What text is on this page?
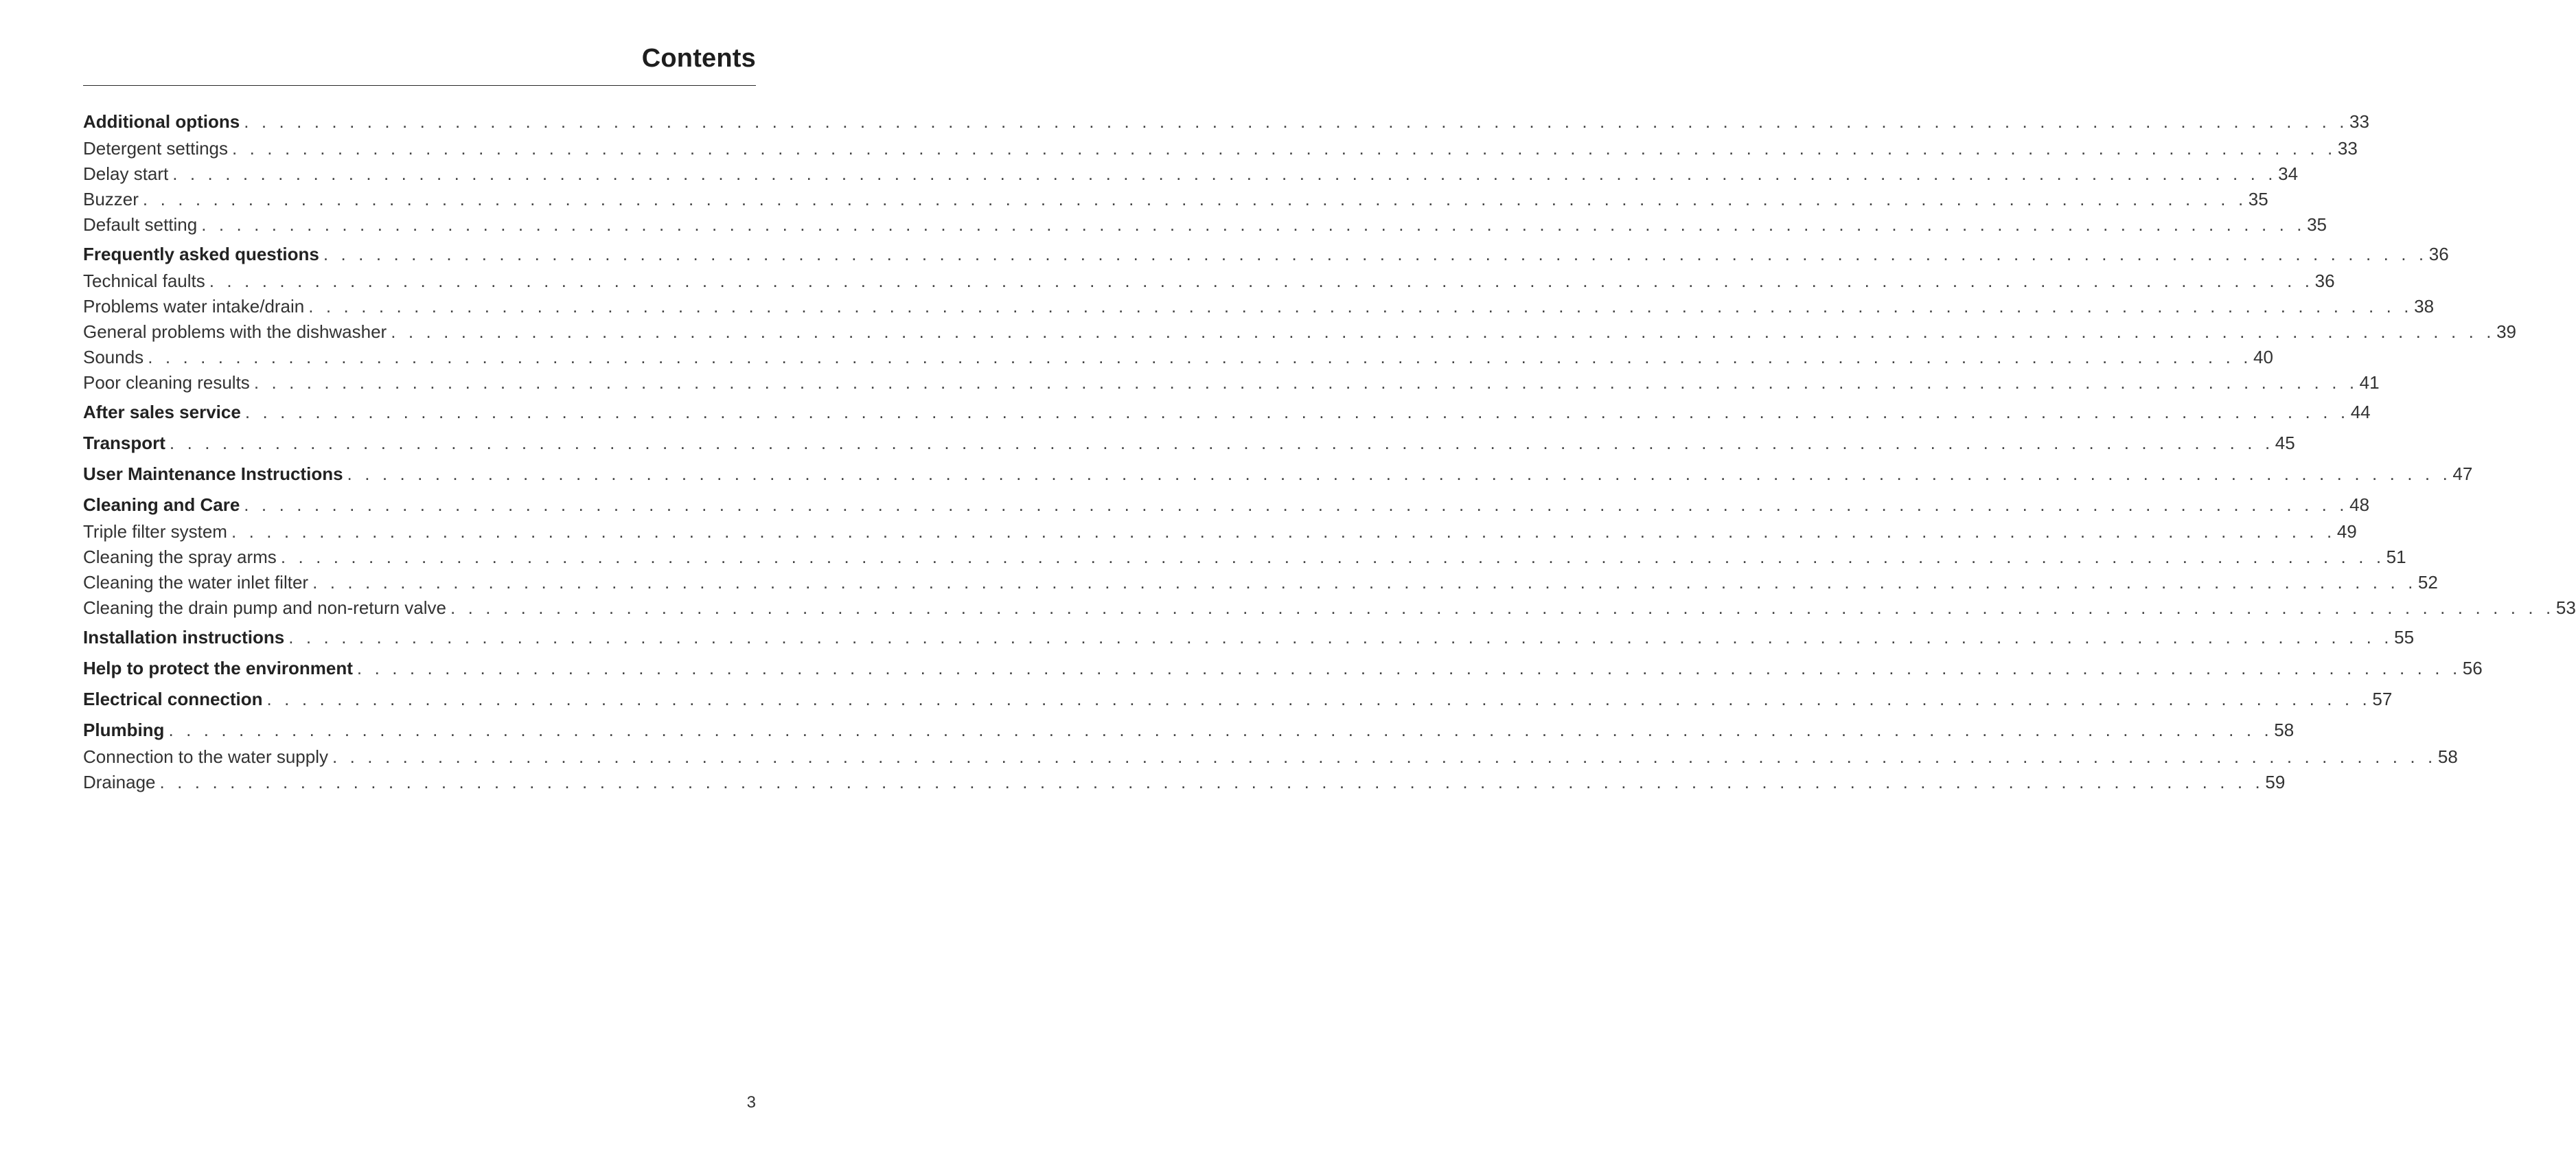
Contents
Additional options . . . . . . . . . . . . . . . . . . . . . . . . . . . . . . . . . . . . . . . . . . . . . . . . . . . . . . . . . . . . . . . . . . . . . . . . . . . . . . . . . . . . . . . . . . . . . . . . . . . . . . . . . . . . . . . . . . . . . . . . 33
Detergent settings . . . . . . . . . . . . . . . . . . . . . . . . . . . . . . . . . . . . . . . . . . . . . . . . . . . . . . . . . . . . . . . . . . . . . . . . . . . . . . . . . . . . . . . . . . . . . . . . . . . . . . . . . . . . . . . . . . . . . . . . 33
Delay start . . . . . . . . . . . . . . . . . . . . . . . . . . . . . . . . . . . . . . . . . . . . . . . . . . . . . . . . . . . . . . . . . . . . . . . . . . . . . . . . . . . . . . . . . . . . . . . . . . . . . . . . . . . . . . . . . . . . . . . . 34
Buzzer . . . . . . . . . . . . . . . . . . . . . . . . . . . . . . . . . . . . . . . . . . . . . . . . . . . . . . . . . . . . . . . . . . . . . . . . . . . . . . . . . . . . . . . . . . . . . . . . . . . . . . . . . . . . . . . . . . . . . . . . 35
Default setting . . . . . . . . . . . . . . . . . . . . . . . . . . . . . . . . . . . . . . . . . . . . . . . . . . . . . . . . . . . . . . . . . . . . . . . . . . . . . . . . . . . . . . . . . . . . . . . . . . . . . . . . . . . . . . . . . . . . . . . . 35
Frequently asked questions . . . . . . . . . . . . . . . . . . . . . . . . . . . . . . . . . . . . . . . . . . . . . . . . . . . . . . . . . . . . . . . . . . . . . . . . . . . . . . . . . . . . . . . . . . . . . . . . . . . . . . . . . . . . . . . . . . . . . . . . 36
Technical faults . . . . . . . . . . . . . . . . . . . . . . . . . . . . . . . . . . . . . . . . . . . . . . . . . . . . . . . . . . . . . . . . . . . . . . . . . . . . . . . . . . . . . . . . . . . . . . . . . . . . . . . . . . . . . . . . . . . . . . . . 36
Problems water intake/drain . . . . . . . . . . . . . . . . . . . . . . . . . . . . . . . . . . . . . . . . . . . . . . . . . . . . . . . . . . . . . . . . . . . . . . . . . . . . . . . . . . . . . . . . . . . . . . . . . . . . . . . . . . . . . . . . . . . . . . . . 38
General problems with the dishwasher . . . . . . . . . . . . . . . . . . . . . . . . . . . . . . . . . . . . . . . . . . . . . . . . . . . . . . . . . . . . . . . . . . . . . . . . . . . . . . . . . . . . . . . . . . . . . . . . . . . . . . . . . . . . . . . . . . . . . . . . 39
Sounds . . . . . . . . . . . . . . . . . . . . . . . . . . . . . . . . . . . . . . . . . . . . . . . . . . . . . . . . . . . . . . . . . . . . . . . . . . . . . . . . . . . . . . . . . . . . . . . . . . . . . . . . . . . . . . . . . . . . . . . . 40
Poor cleaning results . . . . . . . . . . . . . . . . . . . . . . . . . . . . . . . . . . . . . . . . . . . . . . . . . . . . . . . . . . . . . . . . . . . . . . . . . . . . . . . . . . . . . . . . . . . . . . . . . . . . . . . . . . . . . . . . . . . . . . . . 41
After sales service . . . . . . . . . . . . . . . . . . . . . . . . . . . . . . . . . . . . . . . . . . . . . . . . . . . . . . . . . . . . . . . . . . . . . . . . . . . . . . . . . . . . . . . . . . . . . . . . . . . . . . . . . . . . . . . . . . . . . . . . 44
Transport . . . . . . . . . . . . . . . . . . . . . . . . . . . . . . . . . . . . . . . . . . . . . . . . . . . . . . . . . . . . . . . . . . . . . . . . . . . . . . . . . . . . . . . . . . . . . . . . . . . . . . . . . . . . . . . . . . . . . . . . 45
User Maintenance Instructions . . . . . . . . . . . . . . . . . . . . . . . . . . . . . . . . . . . . . . . . . . . . . . . . . . . . . . . . . . . . . . . . . . . . . . . . . . . . . . . . . . . . . . . . . . . . . . . . . . . . . . . . . . . . . . . . . . . . . . . . 47
Cleaning and Care . . . . . . . . . . . . . . . . . . . . . . . . . . . . . . . . . . . . . . . . . . . . . . . . . . . . . . . . . . . . . . . . . . . . . . . . . . . . . . . . . . . . . . . . . . . . . . . . . . . . . . . . . . . . . . . . . . . . . . . . 48
Triple filter system . . . . . . . . . . . . . . . . . . . . . . . . . . . . . . . . . . . . . . . . . . . . . . . . . . . . . . . . . . . . . . . . . . . . . . . . . . . . . . . . . . . . . . . . . . . . . . . . . . . . . . . . . . . . . . . . . . . . . . . . 49
Cleaning the spray arms . . . . . . . . . . . . . . . . . . . . . . . . . . . . . . . . . . . . . . . . . . . . . . . . . . . . . . . . . . . . . . . . . . . . . . . . . . . . . . . . . . . . . . . . . . . . . . . . . . . . . . . . . . . . . . . . . . . . . . . . 51
Cleaning the water inlet filter . . . . . . . . . . . . . . . . . . . . . . . . . . . . . . . . . . . . . . . . . . . . . . . . . . . . . . . . . . . . . . . . . . . . . . . . . . . . . . . . . . . . . . . . . . . . . . . . . . . . . . . . . . . . . . . . . . . . . . . . 52
Cleaning the drain pump and non-return valve . . . . . . . . . . . . . . . . . . . . . . . . . . . . . . . . . . . . . . . . . . . . . . . . . . . . . . . . . . . . . . . . . . . . . . . . . . . . . . . . . . . . . . . . . . . . . . . . . . . . . . . . . . . . . . . . . . . . . . . . 53
Installation instructions . . . . . . . . . . . . . . . . . . . . . . . . . . . . . . . . . . . . . . . . . . . . . . . . . . . . . . . . . . . . . . . . . . . . . . . . . . . . . . . . . . . . . . . . . . . . . . . . . . . . . . . . . . . . . . . . . . . . . . . . 55
Help to protect the environment . . . . . . . . . . . . . . . . . . . . . . . . . . . . . . . . . . . . . . . . . . . . . . . . . . . . . . . . . . . . . . . . . . . . . . . . . . . . . . . . . . . . . . . . . . . . . . . . . . . . . . . . . . . . . . . . . . . . . . . . 56
Electrical connection . . . . . . . . . . . . . . . . . . . . . . . . . . . . . . . . . . . . . . . . . . . . . . . . . . . . . . . . . . . . . . . . . . . . . . . . . . . . . . . . . . . . . . . . . . . . . . . . . . . . . . . . . . . . . . . . . . . . . . . . 57
Plumbing . . . . . . . . . . . . . . . . . . . . . . . . . . . . . . . . . . . . . . . . . . . . . . . . . . . . . . . . . . . . . . . . . . . . . . . . . . . . . . . . . . . . . . . . . . . . . . . . . . . . . . . . . . . . . . . . . . . . . . . . 58
Connection to the water supply . . . . . . . . . . . . . . . . . . . . . . . . . . . . . . . . . . . . . . . . . . . . . . . . . . . . . . . . . . . . . . . . . . . . . . . . . . . . . . . . . . . . . . . . . . . . . . . . . . . . . . . . . . . . . . . . . . . . . . . . 58
Drainage . . . . . . . . . . . . . . . . . . . . . . . . . . . . . . . . . . . . . . . . . . . . . . . . . . . . . . . . . . . . . . . . . . . . . . . . . . . . . . . . . . . . . . . . . . . . . . . . . . . . . . . . . . . . . . . . . . . . . . . . 59
3
